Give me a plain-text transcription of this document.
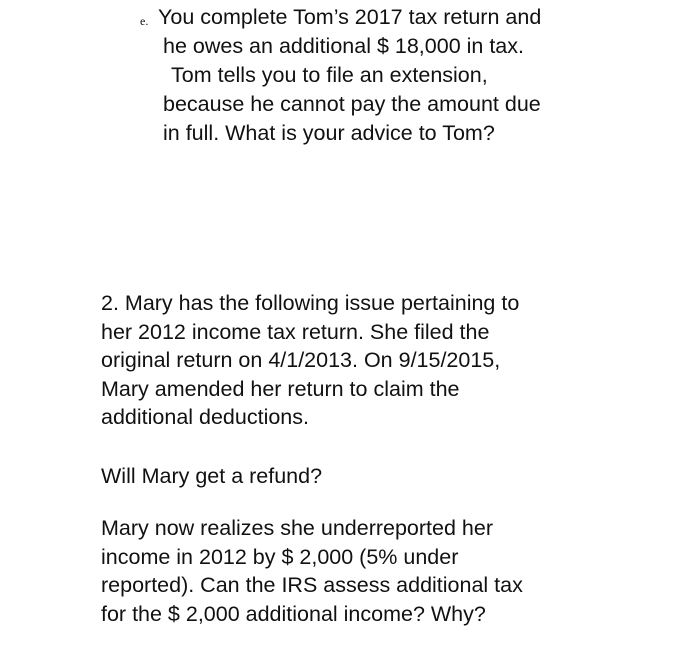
e. You complete Tom’s 2017 tax return and
he owes an additional $ 18,000 in tax.
Tom tells you to file an extension,
because he cannot pay the amount due
in full. What is your advice to Tom?
2. Mary has the following issue pertaining to
her 2012 income tax return. She filed the
original return on 4/1/2013. On 9/15/2015,
Mary amended her return to claim the
additional deductions.
Will Mary get a refund?
Mary now realizes she underreported her
income in 2012 by $ 2,000 (5% under
reported). Can the IRS assess additional tax
for the $ 2,000 additional income? Why?
